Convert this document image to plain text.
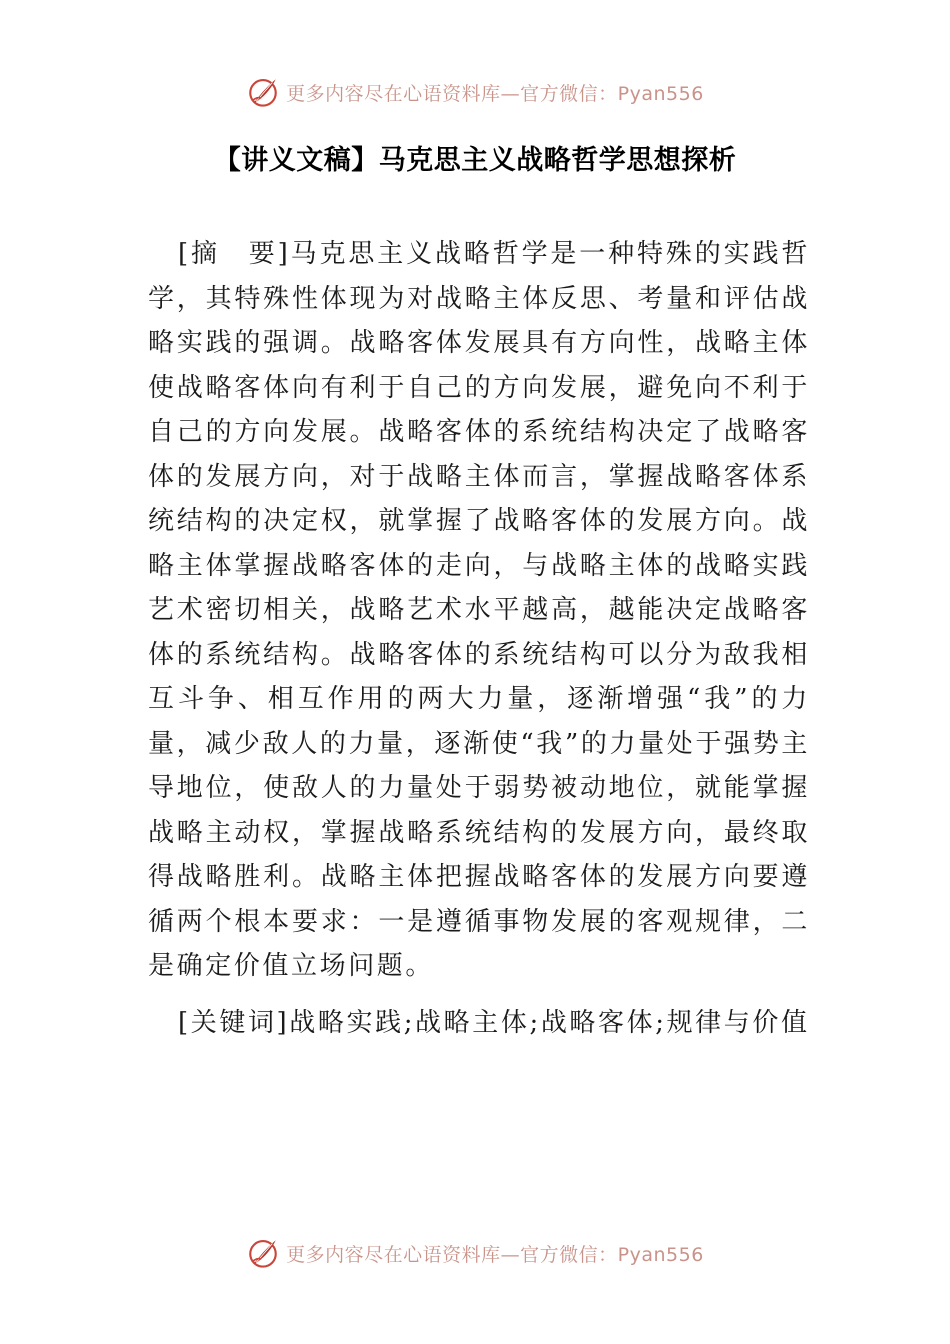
更多内容尽在心语资料库—官方微信：Pyan556
【讲义文稿】马克思主义战略哲学思想探析

[摘　要]马克思主义战略哲学是一种特殊的实践哲学，其特殊性体现为对战略主体反思、考量和评估战略实践的强调。战略客体发展具有方向性，战略主体使战略客体向有利于自己的方向发展，避免向不利于自己的方向发展。战略客体的系统结构决定了战略客体的发展方向，对于战略主体而言，掌握战略客体系统结构的决定权，就掌握了战略客体的发展方向。战略主体掌握战略客体的走向，与战略主体的战略实践艺术密切相关，战略艺术水平越高，越能决定战略客体的系统结构。战略客体的系统结构可以分为敌我相互斗争、相互作用的两大力量，逐渐增强“我”的力量，减少敌人的力量，逐渐使“我”的力量处于强势主导地位，使敌人的力量处于弱势被动地位，就能掌握战略主动权，掌握战略系统结构的发展方向，最终取得战略胜利。战略主体把握战略客体的发展方向要遵循两个根本要求：一是遵循事物发展的客观规律，二是确定价值立场问题。

[关键词]战略实践;战略主体;战略客体;规律与价值

更多内容尽在心语资料库—官方微信：Pyan556
